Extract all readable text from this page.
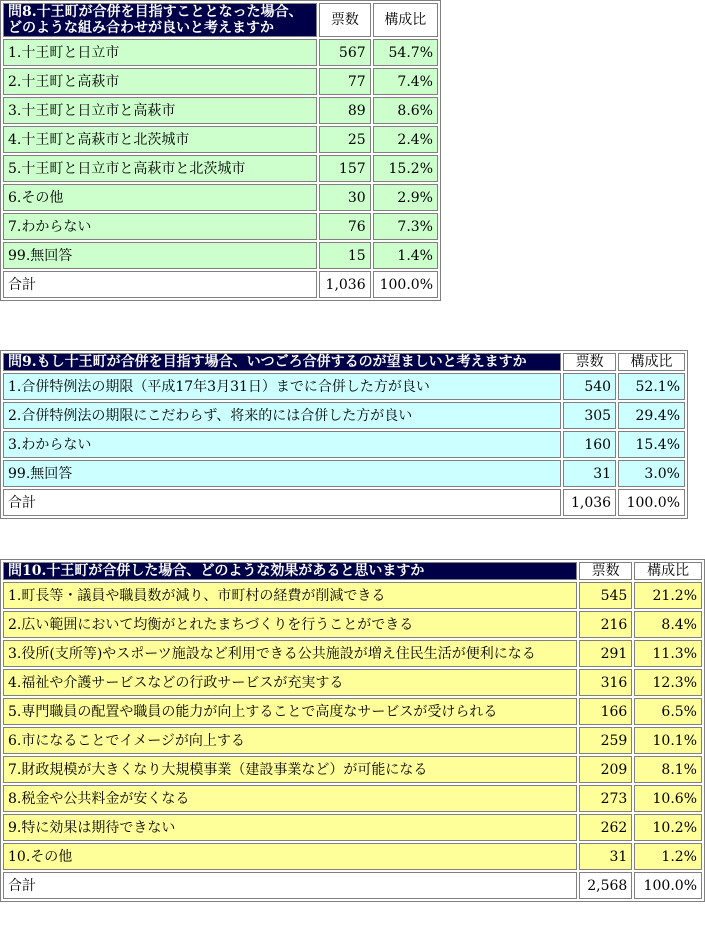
問8.十王町が合併を目指すこととなった場合、
どのような組み合わせが良いと考えますか	票数	構成比
1.十王町と日立市	567	54.7%
2.十王町と高萩市	77	7.4%
3.十王町と日立市と高萩市	89	8.6%
4.十王町と高萩市と北茨城市	25	2.4%
5.十王町と日立市と高萩市と北茨城市	157	15.2%
6.その他	30	2.9%
7.わからない	76	7.3%
99.無回答	15	1.4%
合計	1,036	100.0%
問9.もし十王町が合併を目指す場合、いつごろ合併するのが望ましいと考えますか	票数	構成比
1.合併特例法の期限（平成17年3月31日）までに合併した方が良い	540	52.1%
2.合併特例法の期限にこだわらず、将来的には合併した方が良い	305	29.4%
3.わからない	160	15.4%
99.無回答	31	3.0%
合計	1,036	100.0%
問10.十王町が合併した場合、どのような効果があると思いますか	票数	構成比
1.町長等・議員や職員数が減り、市町村の経費が削減できる	545	21.2%
2.広い範囲において均衡がとれたまちづくりを行うことができる	216	8.4%
3.役所(支所等)やスポーツ施設など利用できる公共施設が増え住民生活が便利になる	291	11.3%
4.福祉や介護サービスなどの行政サービスが充実する	316	12.3%
5.専門職員の配置や職員の能力が向上することで高度なサービスが受けられる	166	6.5%
6.市になることでイメージが向上する	259	10.1%
7.財政規模が大きくなり大規模事業（建設事業など）が可能になる	209	8.1%
8.税金や公共料金が安くなる	273	10.6%
9.特に効果は期待できない	262	10.2%
10.その他	31	1.2%
合計	2,568	100.0%
